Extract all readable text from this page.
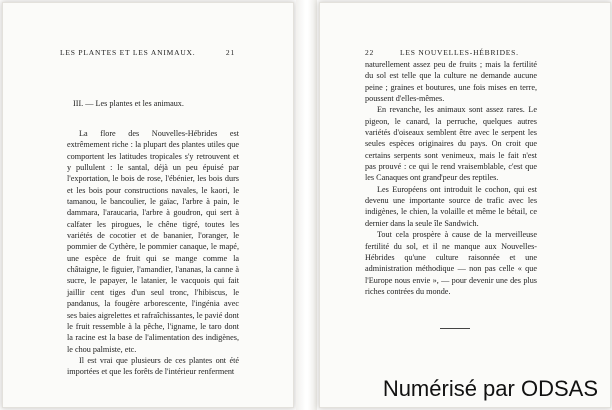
LES PLANTES ET LES ANIMAUX.	21
III. — Les plantes et les animaux.

La flore des Nouvelles-Hébrides est extrêmement riche : la plupart des plantes utiles que comportent les latitudes tropicales s'y retrouvent et y pullulent : le santal, déjà un peu épuisé par l'exportation, le bois de rose, l'ébénier, les bois durs et les bois pour constructions navales, le kaori, le tamanou, le bancoulier, le gaïac, l'arbre à pain, le dammara, l'araucaria, l'arbre à goudron, qui sert à calfater les pirogues, le chêne tigré, toutes les variétés de cocotier et de bananier, l'oranger, le pommier de Cythère, le pommier canaque, le mapé, une espèce de fruit qui se mange comme la châtaigne, le figuier, l'amandier, l'ananas, la canne à sucre, le papayer, le latanier, le vacquois qui fait jaillir cent tiges d'un seul tronc, l'hibiscus, le pandanus, la fougère arborescente, l'ingénia avec ses baies aigrelettes et rafraîchissantes, le pavié dont le fruit ressemble à la pêche, l'igname, le taro dont la racine est la base de l'alimentation des indigènes, le chou palmiste, etc.

Il est vrai que plusieurs de ces plantes ont été importées et que les forêts de l'intérieur renferment

22	LES NOUVELLES-HÉBRIDES.

naturellement assez peu de fruits ; mais la fertilité du sol est telle que la culture ne demande aucune peine ; graines et boutures, une fois mises en terre, poussent d'elles-mêmes.

En revanche, les animaux sont assez rares. Le pigeon, le canard, la perruche, quelques autres variétés d'oiseaux semblent être avec le serpent les seules espèces originaires du pays. On croit que certains serpents sont venimeux, mais le fait n'est pas prouvé : ce qui le rend vraisemblable, c'est que les Canaques ont grand'peur des reptiles.

Les Européens ont introduit le cochon, qui est devenu une importante source de trafic avec les indigènes, le chien, la volaille et même le bétail, ce dernier dans la seule île Sandwich.

Tout cela prospère à cause de la merveilleuse fertilité du sol, et il ne manque aux Nouvelles-Hébrides qu'une culture raisonnée et une administration méthodique — non pas celle « que l'Europe nous envie », — pour devenir une des plus riches contrées du monde.

Numérisé par ODSAS
